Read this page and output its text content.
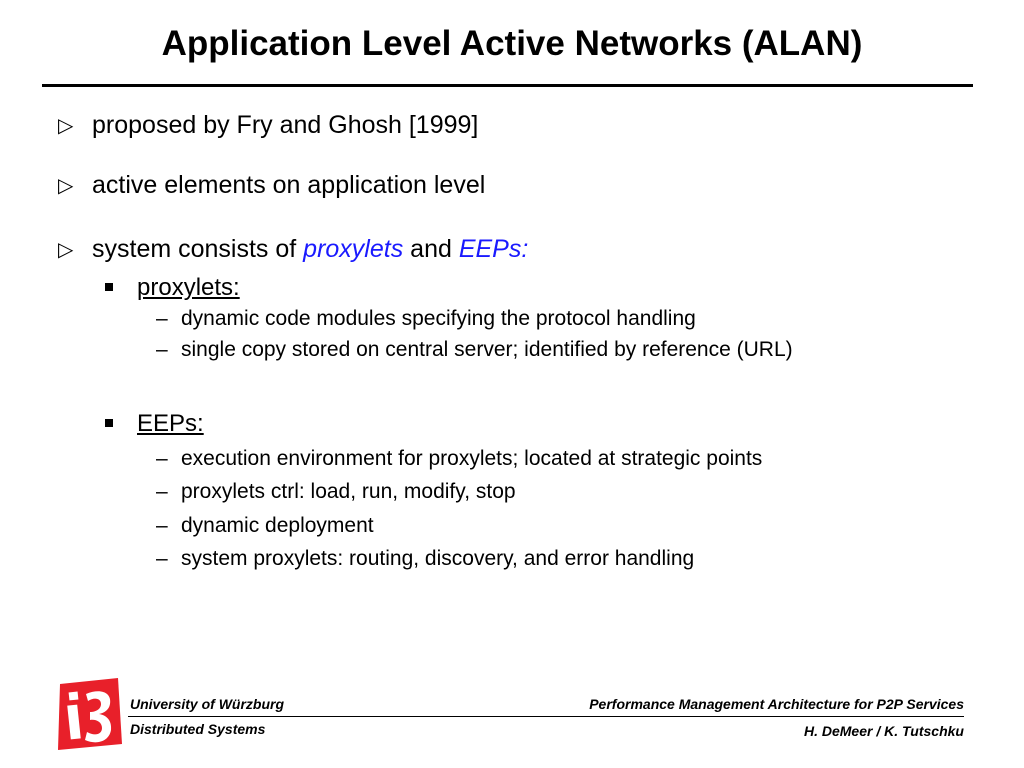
Application Level Active Networks (ALAN)
▷ proposed by Fry and Ghosh [1999]
▷ active elements on application level
▷ system consists of proxylets and EEPs:
proxylets:
– dynamic code modules specifying the protocol handling
– single copy stored on central server; identified by reference (URL)
EEPs:
– execution environment for proxylets; located at strategic points
– proxylets ctrl: load, run, modify, stop
– dynamic deployment
– system proxylets: routing, discovery, and error handling
University of Würzburg
Distributed Systems
Performance Management Architecture for P2P Services
H. DeMeer / K. Tutschku
